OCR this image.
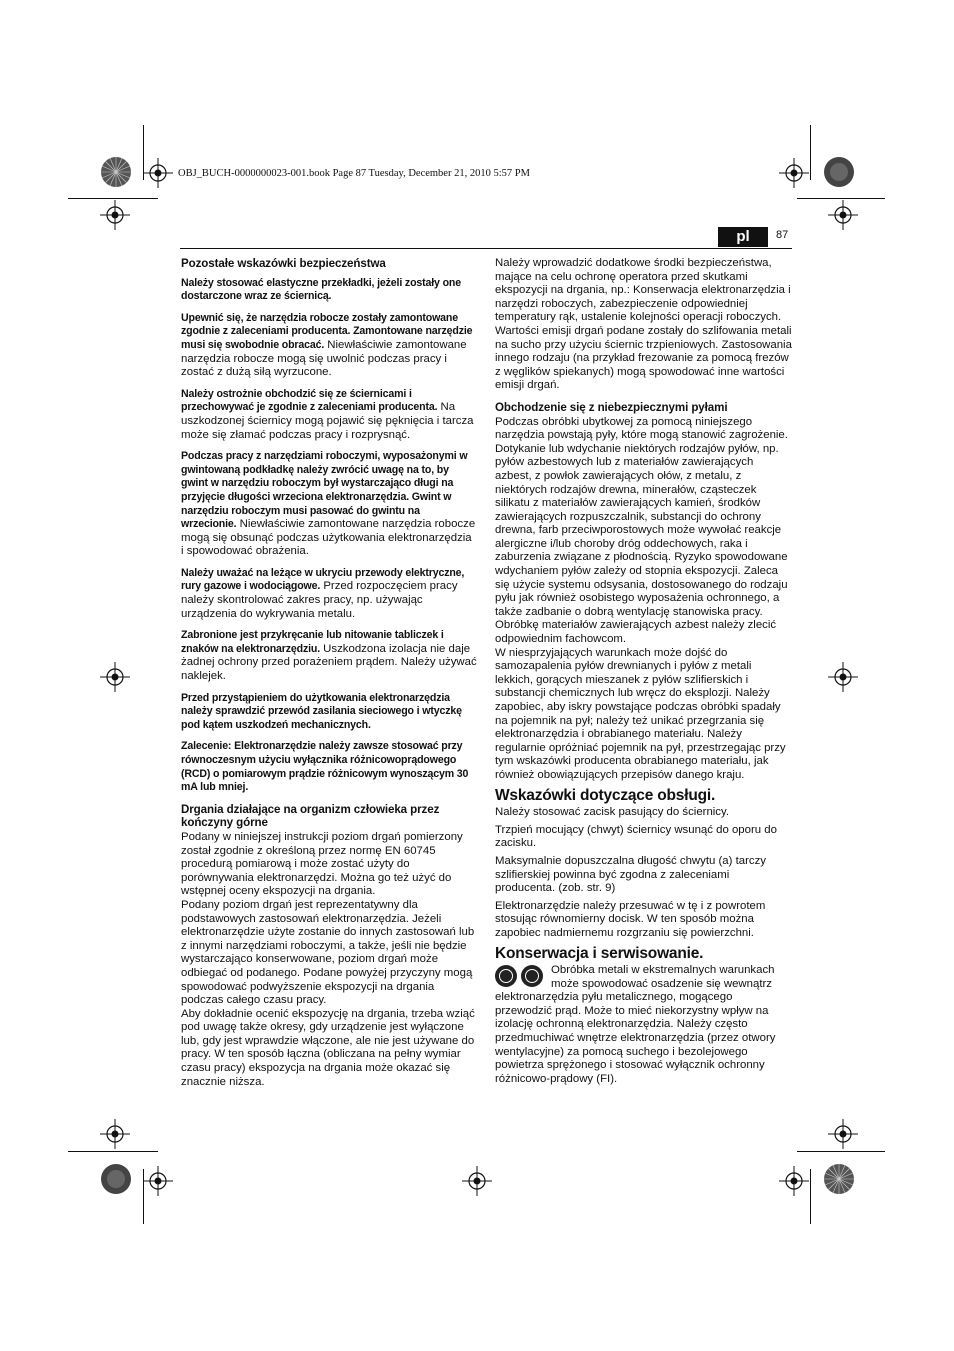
OBJ_BUCH-0000000023-001.book Page 87 Tuesday, December 21, 2010 5:57 PM
pl	87
Pozostałe wskazówki bezpieczeństwa

Należy stosować elastyczne przekładki, jeżeli zostały one dostarczone wraz ze ściernicą.

Upewnić się, że narzędzia robocze zostały zamontowane zgodnie z zaleceniami producenta. Zamontowane narzędzie musi się swobodnie obracać. Niewłaściwie zamontowane narzędzia robocze mogą się uwolnić podczas pracy i zostać z dużą siłą wyrzucone.

Należy ostrożnie obchodzić się ze ściernicami i przechowywać je zgodnie z zaleceniami producenta. Na uszkodzonej ściernicy mogą pojawić się pęknięcia i tarcza może się złamać podczas pracy i rozprysnąć.

Podczas pracy z narzędziami roboczymi, wyposażonymi w gwintowaną podkładkę należy zwrócić uwagę na to, by gwint w narzędziu roboczym był wystarczająco długi na przyjęcie długości wrzeciona elektronarzędzia. Gwint w narzędziu roboczym musi pasować do gwintu na wrzecionie. Niewłaściwie zamontowane narzędzia robocze mogą się obsunąć podczas użytkowania elektronarzędzia i spowodować obrażenia.

Należy uważać na leżące w ukryciu przewody elektryczne, rury gazowe i wodociągowe. Przed rozpoczęciem pracy należy skontrolować zakres pracy, np. używając urządzenia do wykrywania metalu.

Zabronione jest przykręcanie lub nitowanie tabliczek i znaków na elektronarzędziu. Uszkodzona izolacja nie daje żadnej ochrony przed porażeniem prądem. Należy używać naklejek.

Przed przystąpieniem do użytkowania elektronarzędzia należy sprawdzić przewód zasilania sieciowego i wtyczkę pod kątem uszkodzeń mechanicznych.

Zalecenie: Elektronarzędzie należy zawsze stosować przy równoczesnym użyciu wyłącznika różnicowoprądowego (RCD) o pomiarowym prądzie różnicowym wynoszącym 30 mA lub mniej.

Drgania działające na organizm człowieka przez kończyny górne

Podany w niniejszej instrukcji poziom drgań pomierzony został zgodnie z określoną przez normę EN 60745 procedurą pomiarową i może zostać użyty do porównywania elektronarzędzi. Można go też użyć do wstępnej oceny ekspozycji na drgania.

Podany poziom drgań jest reprezentatywny dla podstawowych zastosowań elektronarzędzia. Jeżeli elektronarzędzie użyte zostanie do innych zastosowań lub z innymi narzędziami roboczymi, a także, jeśli nie będzie wystarczająco konserwowane, poziom drgań może odbiegać od podanego. Podane powyżej przyczyny mogą spowodować podwyższenie ekspozycji na drgania podczas całego czasu pracy.

Aby dokładnie ocenić ekspozycję na drgania, trzeba wziąć pod uwagę także okresy, gdy urządzenie jest wyłączone lub, gdy jest wprawdzie włączone, ale nie jest używane do pracy. W ten sposób łączna (obliczana na pełny wymiar czasu pracy) ekspozycja na drgania może okazać się znacznie niższa.

Należy wprowadzić dodatkowe środki bezpieczeństwa, mające na celu ochronę operatora przed skutkami ekspozycji na drgania, np.: Konserwacja elektronarzędzia i narzędzi roboczych, zabezpieczenie odpowiedniej temperatury rąk, ustalenie kolejności operacji roboczych.

Wartości emisji drgań podane zostały do szlifowania metali na sucho przy użyciu ściernic trzpieniowych. Zastosowania innego rodzaju (na przykład frezowanie za pomocą frezów z węglików spiekanych) mogą spowodować inne wartości emisji drgań.

Obchodzenie się z niebezpiecznymi pyłami

Podczas obróbki ubytkowej za pomocą niniejszego narzędzia powstają pyły, które mogą stanowić zagrożenie.

Dotykanie lub wdychanie niektórych rodzajów pyłów, np. pyłów azbestowych lub z materiałów zawierających azbest, z powłok zawierających ołów, z metalu, z niektórych rodzajów drewna, minerałów, cząsteczek silikatu z materiałów zawierających kamień, środków zawierających rozpuszczalnik, substancji do ochrony drewna, farb przeciwporostowych może wywołać reakcje alergiczne i/lub choroby dróg oddechowych, raka i zaburzenia związane z płodnością. Ryzyko spowodowane wdychaniem pyłów zależy od stopnia ekspozycji. Zaleca się użycie systemu odsysania, dostosowanego do rodzaju pyłu jak również osobistego wyposażenia ochronnego, a także zadbanie o dobrą wentylację stanowiska pracy. Obróbkę materiałów zawierających azbest należy zlecić odpowiednim fachowcom.

W niesprzyjających warunkach może dojść do samozapalenia pyłów drewnianych i pyłów z metali lekkich, gorących mieszanek z pyłów szlifierskich i substancji chemicznych lub wręcz do eksplozji. Należy zapobiec, aby iskry powstające podczas obróbki spadały na pojemnik na pył; należy też unikać przegrzania się elektronarzędzia i obrabianego materiału. Należy regularnie opróżniać pojemnik na pył, przestrzegając przy tym wskazówki producenta obrabianego materiału, jak również obowiązujących przepisów danego kraju.

Wskazówki dotyczące obsługi.

Należy stosować zacisk pasujący do ściernicy.

Trzpień mocujący (chwyt) ściernicy wsunąć do oporu do zacisku.

Maksymalnie dopuszczalna długość chwytu (a) tarczy szlifierskiej powinna być zgodna z zaleceniami producenta. (zob. str. 9)

Elektronarzędzie należy przesuwać w tę i z powrotem stosując równomierny docisk. W ten sposób można zapobiec nadmiernemu rozgrzaniu się powierzchni.

Konserwacja i serwisowanie.

Obróbka metali w ekstremalnych warunkach może spowodować osadzenie się wewnątrz elektronarzędzia pyłu metalicznego, mogącego przewodzić prąd. Może to mieć niekorzystny wpływ na izolację ochronną elektronarzędzia. Należy często przedmuchiwać wnętrze elektronarzędzia (przez otwory wentylacyjne) za pomocą suchego i bezolejowego powietrza sprężonego i stosować wyłącznik ochronny różnicowo-prądowy (FI).
